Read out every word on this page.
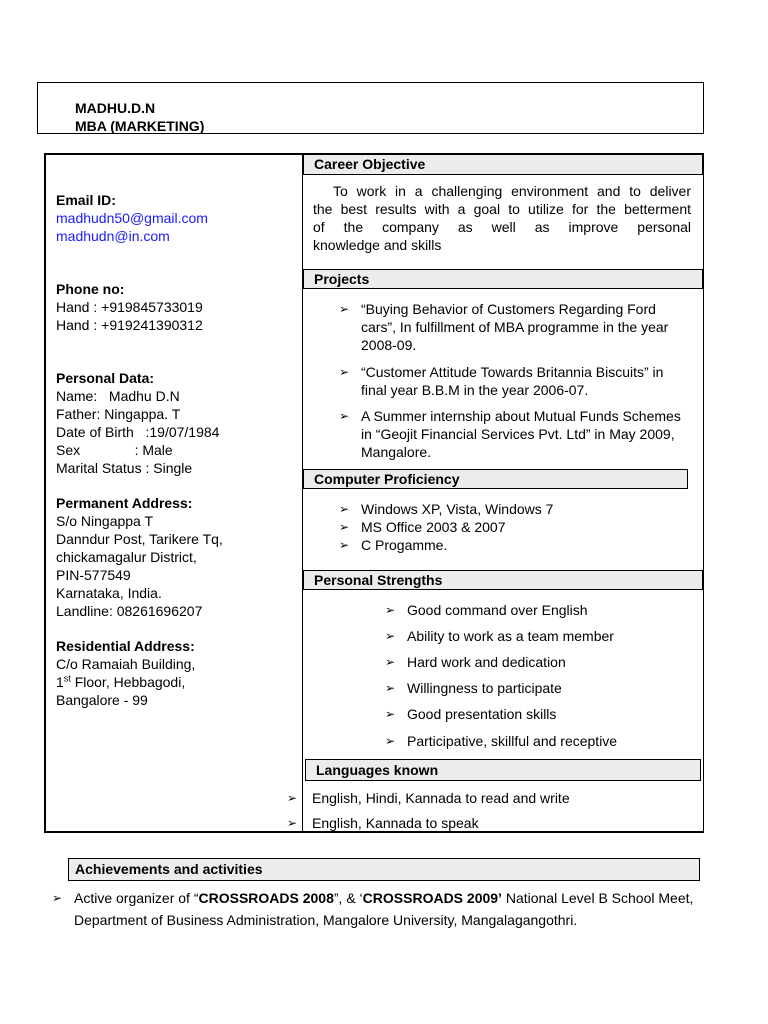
MADHU.D.N
MBA (MARKETING)
Email ID:
madhudn50@gmail.com
madhudn@in.com
Phone no:
Hand : +919845733019
Hand : +919241390312
Personal Data:
Name:   Madhu D.N
Father: Ningappa. T
Date of Birth   :19/07/1984
Sex              : Male
Marital Status : Single
Permanent Address:
S/o Ningappa T
Danndur Post, Tarikere Tq,
chickamagalur District,
PIN-577549
Karnataka, India.
Landline: 08261696207
Residential Address:
C/o Ramaiah Building,
1st Floor, Hebbagodi,
Bangalore - 99
Career Objective
To work in a challenging environment and to deliver
the best results with a goal to utilize for the betterment
of the company as well as improve personal
knowledge and skills
Projects
➢ “Buying Behavior of Customers Regarding Ford cars”, In fulfillment of MBA programme in the year 2008-09.
➢ “Customer Attitude Towards Britannia Biscuits” in final year B.B.M in the year 2006-07.
➢ A Summer internship about Mutual Funds Schemes in “Geojit Financial Services Pvt. Ltd” in May 2009, Mangalore.
Computer Proficiency
➢ Windows XP, Vista, Windows 7
➢ MS Office 2003 & 2007
➢ C Progamme.
Personal Strengths
➢ Good command over English
➢ Ability to work as a team member
➢ Hard work and dedication
➢ Willingness to participate
➢ Good presentation skills
➢ Participative, skillful and receptive
Languages known
➢	English, Hindi, Kannada to read and write
➢	English, Kannada to speak
Achievements and activities
➢ Active organizer of “CROSSROADS 2008”, & ‘CROSSROADS 2009’ National Level B School Meet, Department of Business Administration, Mangalore University, Mangalagangothri.
